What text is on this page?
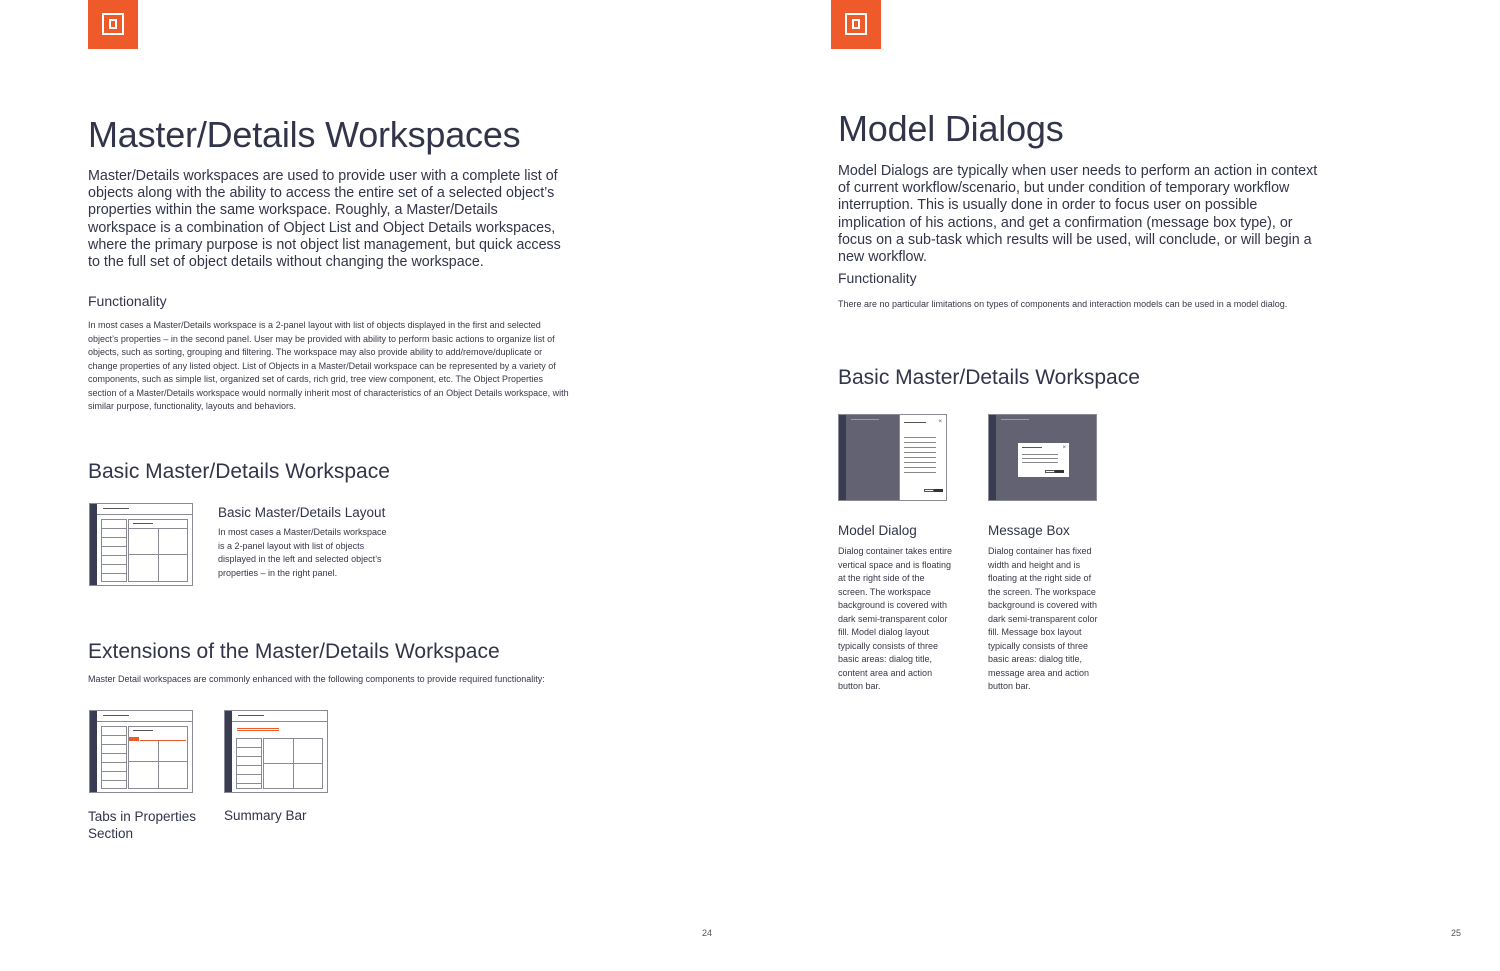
Master/Details Workspaces
Master/Details workspaces are used to provide user with a complete list of objects along with the ability to access the entire set of a selected object’s properties within the same workspace. Roughly, a Master/Details workspace is a combination of Object List and Object Details workspaces, where the primary purpose is not object list management, but quick access to the full set of object details without changing the workspace.
Functionality
In most cases a Master/Details workspace is a 2-panel layout with list of objects displayed in the first and selected object’s properties – in the second panel. User may be provided with ability to perform basic actions to organize list of objects, such as sorting, grouping and filtering. The workspace may also provide ability to add/remove/duplicate or change properties of any listed object. List of Objects in a Master/Detail workspace can be represented by a variety of components, such as simple list, organized set of cards, rich grid, tree view component, etc. The Object Properties section of a Master/Details workspace would normally inherit most of characteristics of an Object Details workspace, with similar purpose, functionality, layouts and behaviors.
Basic Master/Details Workspace
Basic Master/Details Layout
In most cases a Master/Details workspace is a 2-panel layout with list of objects displayed in the left and selected object’s properties – in the right panel.
Extensions of the Master/Details Workspace
Master Detail workspaces are commonly enhanced with the following components to provide required functionality:
Tabs in Properties Section
Summary Bar
24
Model Dialogs
Model Dialogs are typically when user needs to perform an action in context of current workflow/scenario, but under condition of temporary workflow interruption. This is usually done in order to focus user on possible implication of his actions, and get a confirmation (message box type), or focus on a sub-task which results will be used, will conclude, or will begin a new workflow.
Functionality
There are no particular limitations on types of components and interaction models can be used in a model dialog.
Basic Master/Details Workspace
×
Model Dialog
Dialog container takes entire vertical space and is floating at the right side of the screen. The workspace background is covered with dark semi-transparent color fill. Model dialog layout typically consists of three basic areas: dialog title, content area and action button bar.
×
Message Box
Dialog container has fixed width and height and is floating at the right side of the screen. The workspace background is covered with dark semi-transparent color fill. Message box layout typically consists of three basic areas: dialog title, message area and action button bar.
25
